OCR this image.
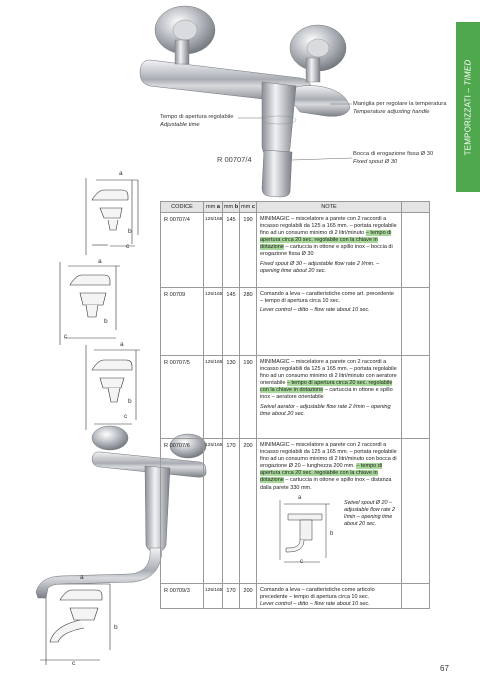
TEMPORIZZATI – TIMED
Tempo di apertura regolabile
Adjustable time
Maniglia per regolare la temperatura
Temperature adjusting handle
Bocca di erogazione fissa Ø 30
Fixed spout Ø 30
R 00707/4
a
b
c
a
b
c
a
b
c
a
b
c
CODICE	mm a	mm b	mm c	NOTE	
R 00707/4	125/165	145	190	MINIMAGIC – miscelatore a parete con 2 raccordi a incasso regolabili da 125 a 165 mm. – portata regolabile fino ad un consumo minimo di 2 litri/minuto – tempo di apertura circa 20 sec. regolabile con la chiave in dotazione – cartuccia in ottone e spillo inox – boccia di erogazione fissa Ø 30
Fixed spout Ø 30 – adjustable flow rate 2 l/min. – opening time about 20 sec.	

R 00709	125/165	145	280	Comando a leva – caratteristiche come art. precedente – tempo di apertura circa 10 sec.
Lever control – ditto – flow rate about 10 sec.	

R 00707/5	125/165	130	190	MINIMAGIC – miscelatore a parete con 2 raccordi a incasso regolabili da 125 a 165 mm. – portata regolabile fino ad un consumo minimo di 2 litri/minuto con aeratore orientabile – tempo di apertura circa 20 sec. regolabile con la chiave in dotazione – cartuccia in ottone e spillo inox – aeratore orientabile
Swivel aerator - adjustable flow rate 2 l/min – opening time about 20 sec.	

R 00707/6	125/165	170	200	MINIMAGIC – miscelatore a parete con 2 raccordi a incasso regolabili da 125 a 165 mm. – portata regolabile fino ad un consumo minimo di 2 litri/minuto con bocca di erogazione Ø 20 – lunghezza 200 mm. – tempo di apertura circa 20 sec. regolabile con la chiave in dotazione – cartuccia in ottone e spillo inox – distanza dalla parete 330 mm.
a
b
c
Swivel spout Ø 20 – adjustable flow rate 2 l/min – opening time about 20 sec.	

R 00709/3	125/165	170	200	Comando a leva – caratteristiche come articolo precedente – tempo di apertura circa 10 sec.
Lever control – ditto – flow rate about 10 sec.	

67
